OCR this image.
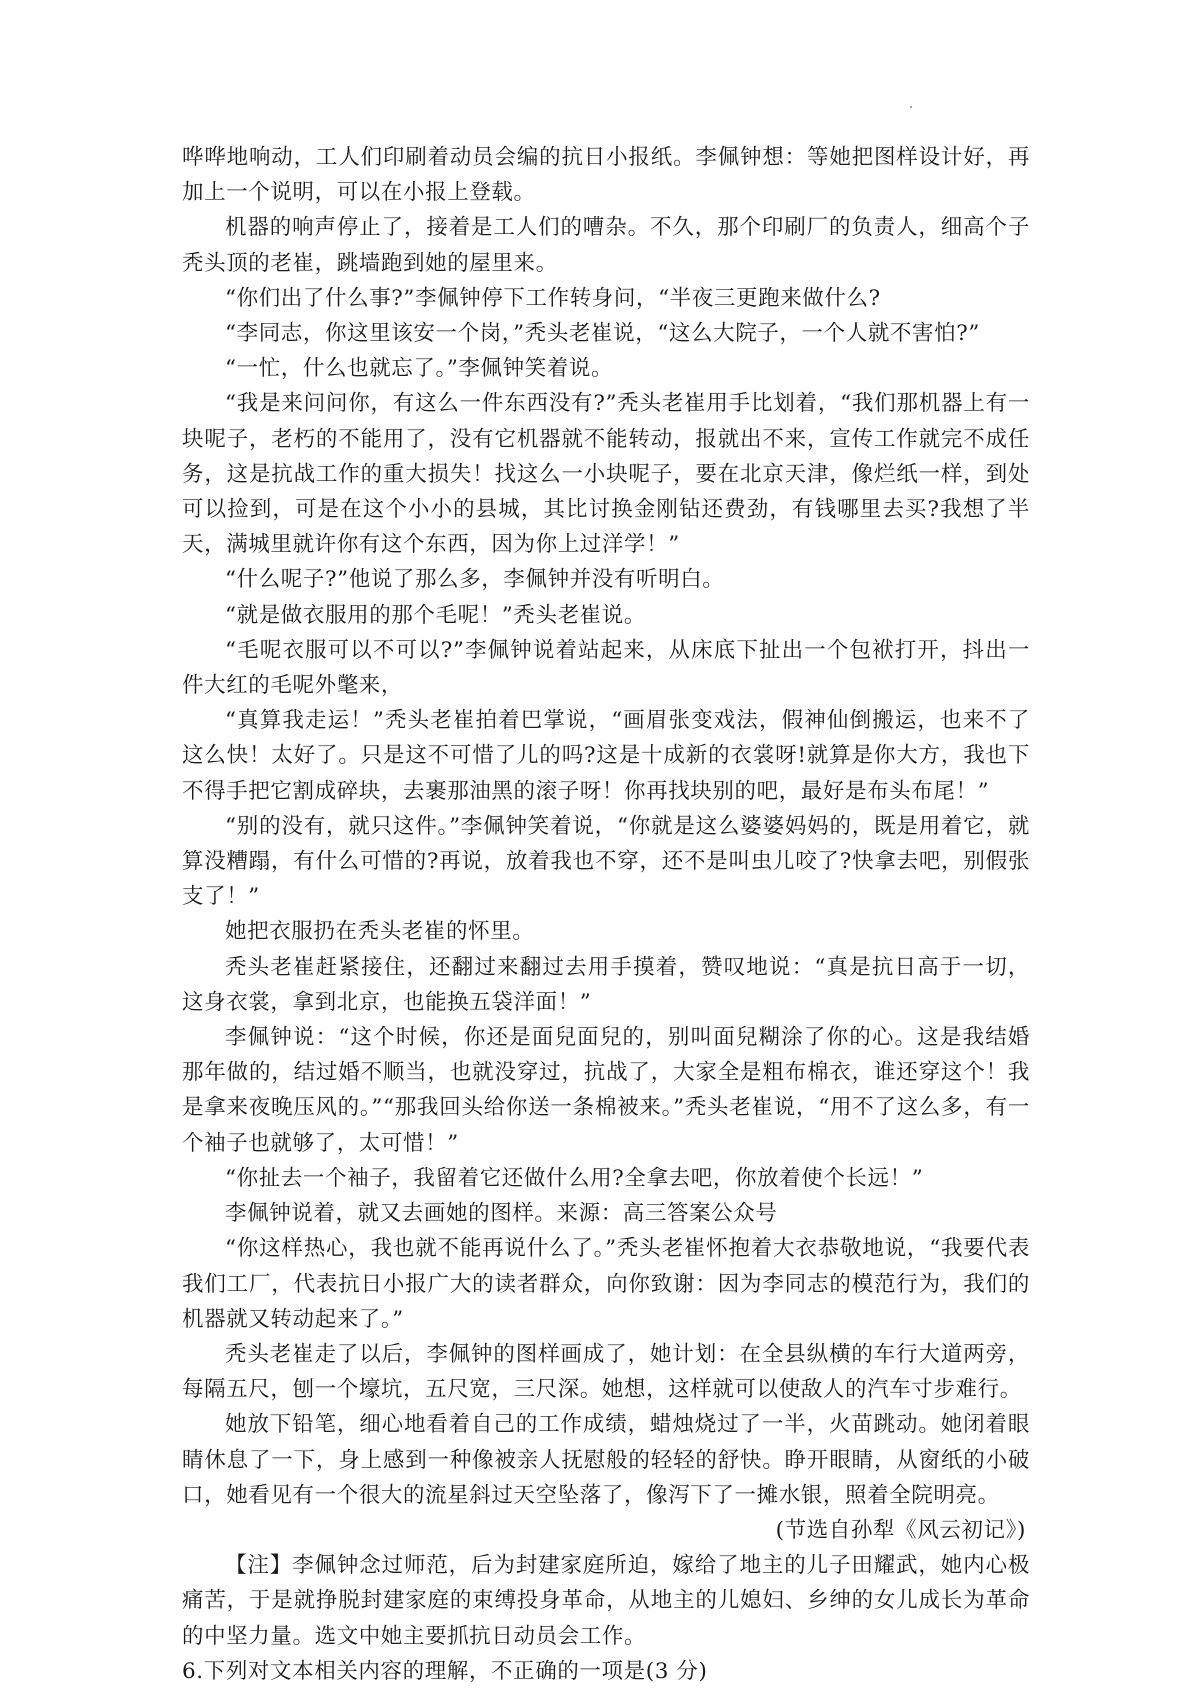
哗哗地响动，工人们印刷着动员会编的抗日小报纸。李佩钟想：等她把图样设计好，再加上一个说明，可以在小报上登载。

机器的响声停止了，接着是工人们的嘈杂。不久，那个印刷厂的负责人，细高个子秃头顶的老崔，跳墙跑到她的屋里来。

“你们出了什么事?”李佩钟停下工作转身问，“半夜三更跑来做什么?

“李同志，你这里该安一个岗，”秃头老崔说，“这么大院子，一个人就不害怕?”

“一忙，什么也就忘了。”李佩钟笑着说。

“我是来问问你，有这么一件东西没有?”秃头老崔用手比划着，“我们那机器上有一块呢子，老朽的不能用了，没有它机器就不能转动，报就出不来，宣传工作就完不成任务，这是抗战工作的重大损失！找这么一小块呢子，要在北京天津，像烂纸一样，到处可以捡到，可是在这个小小的县城，其比讨换金刚钻还费劲，有钱哪里去买?我想了半天，满城里就许你有这个东西，因为你上过洋学！”

“什么呢子?”他说了那么多，李佩钟并没有听明白。

“就是做衣服用的那个毛呢！”秃头老崔说。

“毛呢衣服可以不可以?”李佩钟说着站起来，从床底下扯出一个包袱打开，抖出一件大红的毛呢外氅来，

“真算我走运！”秃头老崔拍着巴掌说，“画眉张变戏法，假神仙倒搬运，也来不了这么快！太好了。只是这不可惜了儿的吗?这是十成新的衣裳呀!就算是你大方，我也下不得手把它割成碎块，去裹那油黑的滚子呀！你再找块别的吧，最好是布头布尾！”

“别的没有，就只这件。”李佩钟笑着说，“你就是这么婆婆妈妈的，既是用着它，就算没糟蹋，有什么可惜的?再说，放着我也不穿，还不是叫虫儿咬了?快拿去吧，别假张支了！”

她把衣服扔在秃头老崔的怀里。

秃头老崔赶紧接住，还翻过来翻过去用手摸着，赞叹地说：“真是抗日高于一切，这身衣裳，拿到北京，也能换五袋洋面！”

李佩钟说：“这个时候，你还是面兒面兒的，别叫面兒糊涂了你的心。这是我结婚那年做的，结过婚不顺当，也就没穿过，抗战了，大家全是粗布棉衣，谁还穿这个！我是拿来夜晚压风的。”“那我回头给你送一条棉被来。”秃头老崔说，“用不了这么多，有一个袖子也就够了，太可惜！”

“你扯去一个袖子，我留着它还做什么用?全拿去吧，你放着使个长远！”

李佩钟说着，就又去画她的图样。来源：高三答案公众号

“你这样热心，我也就不能再说什么了。”秃头老崔怀抱着大衣恭敬地说，“我要代表我们工厂，代表抗日小报广大的读者群众，向你致谢：因为李同志的模范行为，我们的机器就又转动起来了。”

秃头老崔走了以后，李佩钟的图样画成了，她计划：在全县纵横的车行大道两旁，每隔五尺，刨一个壕坑，五尺宽，三尺深。她想，这样就可以使敌人的汽车寸步难行。

她放下铅笔，细心地看着自己的工作成绩，蜡烛烧过了一半，火苗跳动。她闭着眼睛休息了一下，身上感到一种像被亲人抚慰般的轻轻的舒快。睁开眼睛，从窗纸的小破口，她看见有一个很大的流星斜过天空坠落了，像泻下了一摊水银，照着全院明亮。

(节选自孙犁《风云初记》)

【注】李佩钟念过师范，后为封建家庭所迫，嫁给了地主的儿子田耀武，她内心极痛苦，于是就挣脱封建家庭的束缚投身革命，从地主的儿媳妇、乡绅的女儿成长为革命的中坚力量。选文中她主要抓抗日动员会工作。

6.下列对文本相关内容的理解，不正确的一项是(3 分)
